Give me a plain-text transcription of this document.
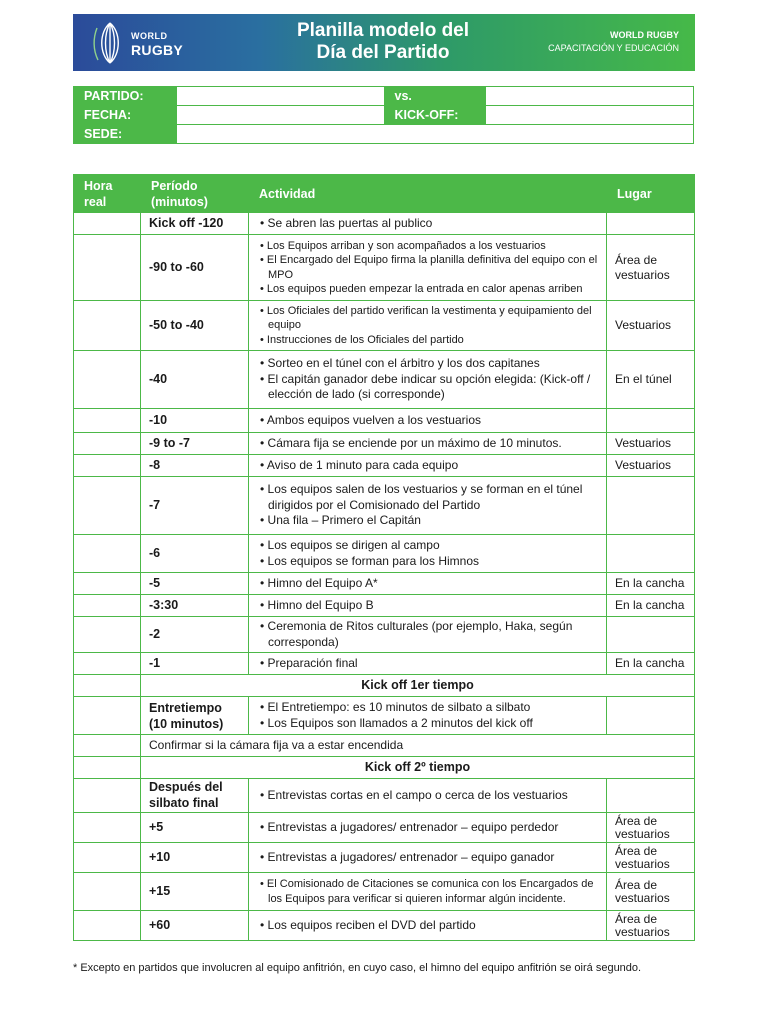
WORLD
RUGBY
Planilla modelo del
Día del Partido
WORLD RUGBY
CAPACITACIÓN Y EDUCACIÓN
PARTIDO:		vs.	
FECHA:		KICK-OFF:	
SEDE:			
Hora real	Período (minutos)	Actividad	Lugar
	Kick off -120	• Se abren las puertas al publico	

	-90 to -60	• Los Equipos arriban y son acompañados a los vestuarios
• El Encargado del Equipo firma la planilla definitiva del equipo con el MPO
• Los equipos pueden empezar la entrada en calor apenas arriben	Área de vestuarios
	-50 to -40	• Los Oficiales del partido verifican la vestimenta y equipamiento del equipo
• Instrucciones de los Oficiales del partido	Vestuarios
	-40	• Sorteo en el túnel con el árbitro y los dos capitanes
• El capitán ganador debe indicar su opción elegida: (Kick-off / elección de lado (si corresponde)	En el túnel
	-10	• Ambos equipos vuelven a los vestuarios	

	-9 to -7	• Cámara fija se enciende por un máximo de 10 minutos.	Vestuarios
	-8	• Aviso de 1 minuto para cada equipo	Vestuarios
	-7	• Los equipos salen de los vestuarios y se forman en el túnel dirigidos por el Comisionado del Partido
• Una fila – Primero el Capitán	

	-6	• Los equipos se dirigen al campo
• Los equipos se forman para los Himnos	

	-5	• Himno del Equipo A*	En la cancha
	-3:30	• Himno del Equipo B	En la cancha
	-2	• Ceremonia de Ritos culturales (por ejemplo, Haka, según corresponda)	

	-1	• Preparación final	En la cancha
	Kick off 1er tiempo		
	Entretiempo (10 minutos)	• El Entretiempo: es 10 minutos de silbato a silbato
• Los Equipos son llamados a 2 minutos del kick off	

	Confirmar si la cámara fija va a estar encendida		
	Kick off 2º tiempo		
	Después del silbato final	• Entrevistas cortas en el campo o cerca de los vestuarios	

	+5	• Entrevistas a jugadores/ entrenador – equipo perdedor	Área de vestuarios
	+10	• Entrevistas a jugadores/ entrenador – equipo ganador	Área de vestuarios
	+15	• El Comisionado de Citaciones se comunica con los Encargados de los Equipos para verificar si quieren informar algún incidente.	Área de vestuarios
	+60	• Los equipos reciben el DVD del partido	Área de vestuarios
* Excepto en partidos que involucren al equipo anfitrión, en cuyo caso, el himno del equipo anfitrión se oirá segundo.
